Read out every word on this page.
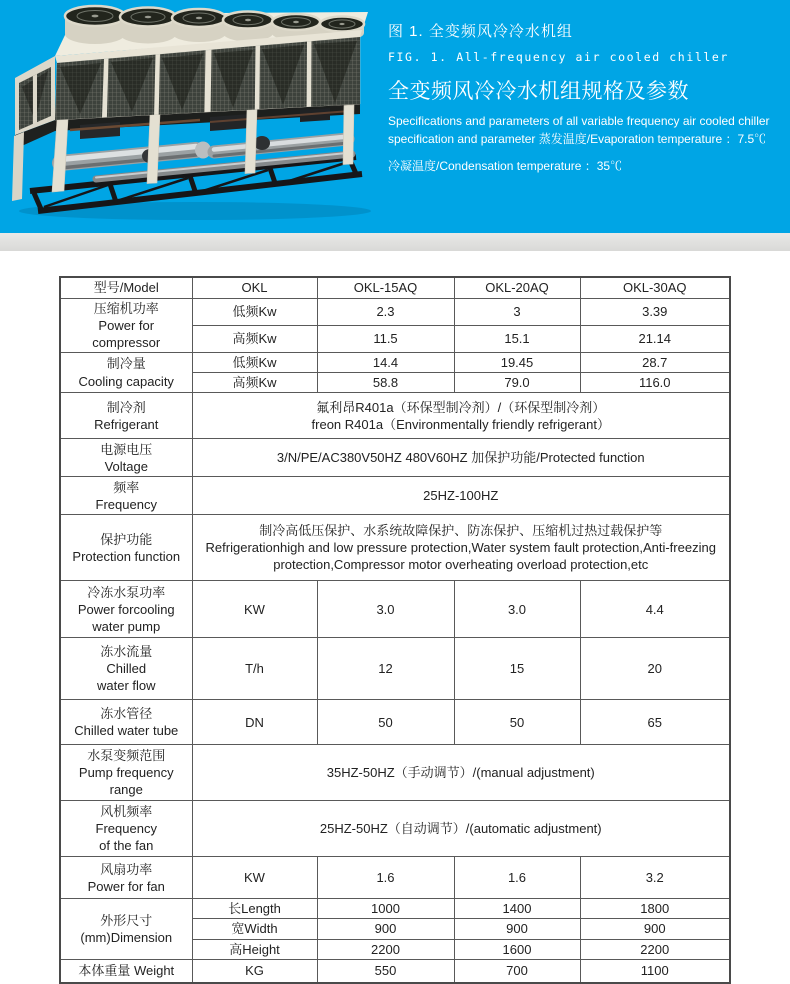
图 1. 全变频风冷冷水机组
FIG. 1. All-frequency air cooled chiller
全变频风冷冷水机组规格及参数
Specifications and parameters of all variable frequency air cooled chiller
specification and parameter 蒸发温度/Evaporation temperature ：7.5℃
冷凝温度/Condensation temperature ：35℃
型号/Model	OKL	OKL-15AQ	OKL-20AQ	OKL-30AQ
压缩机功率
Power for compressor	低频Kw	2.3	3	3.39
	高频Kw	11.5	15.1	21.14
制冷量
Cooling capacity	低频Kw	14.4	19.45	28.7
	高频Kw	58.8	79.0	116.0
制冷剂
Refrigerant	氟利昂R401a（环保型制冷剂）/（环保型制冷剂）
freon R401a（Environmentally friendly refrigerant）			
电源电压
Voltage	3/N/PE/AC380V50HZ 480V60HZ 加保护功能/Protected function			
频率
Frequency	25HZ-100HZ			
保护功能
Protection function	制冷高低压保护、水系统故障保护、防冻保护、压缩机过热过载保护等
Refrigerationhigh and low pressure protection,Water system fault protection,Anti-freezing protection,Compressor motor overheating overload protection,etc			
冷冻水泵功率
Power forcooling
water pump	KW	3.0	3.0	4.4
冻水流量
Chilled
water flow	T/h	12	15	20
冻水管径
Chilled water tube	DN	50	50	65
水泵变频范围
Pump frequency
range	35HZ-50HZ（手动调节）/(manual adjustment)			
风机频率
Frequency
of the fan	25HZ-50HZ（自动调节）/(automatic adjustment)			
风扇功率
Power for fan	KW	1.6	1.6	3.2
外形尺寸
(mm)Dimension	长Length	1000	1400	1800
	宽Width	900	900	900
	高Height	2200	1600	2200
本体重量 Weight	KG	550	700	1100
